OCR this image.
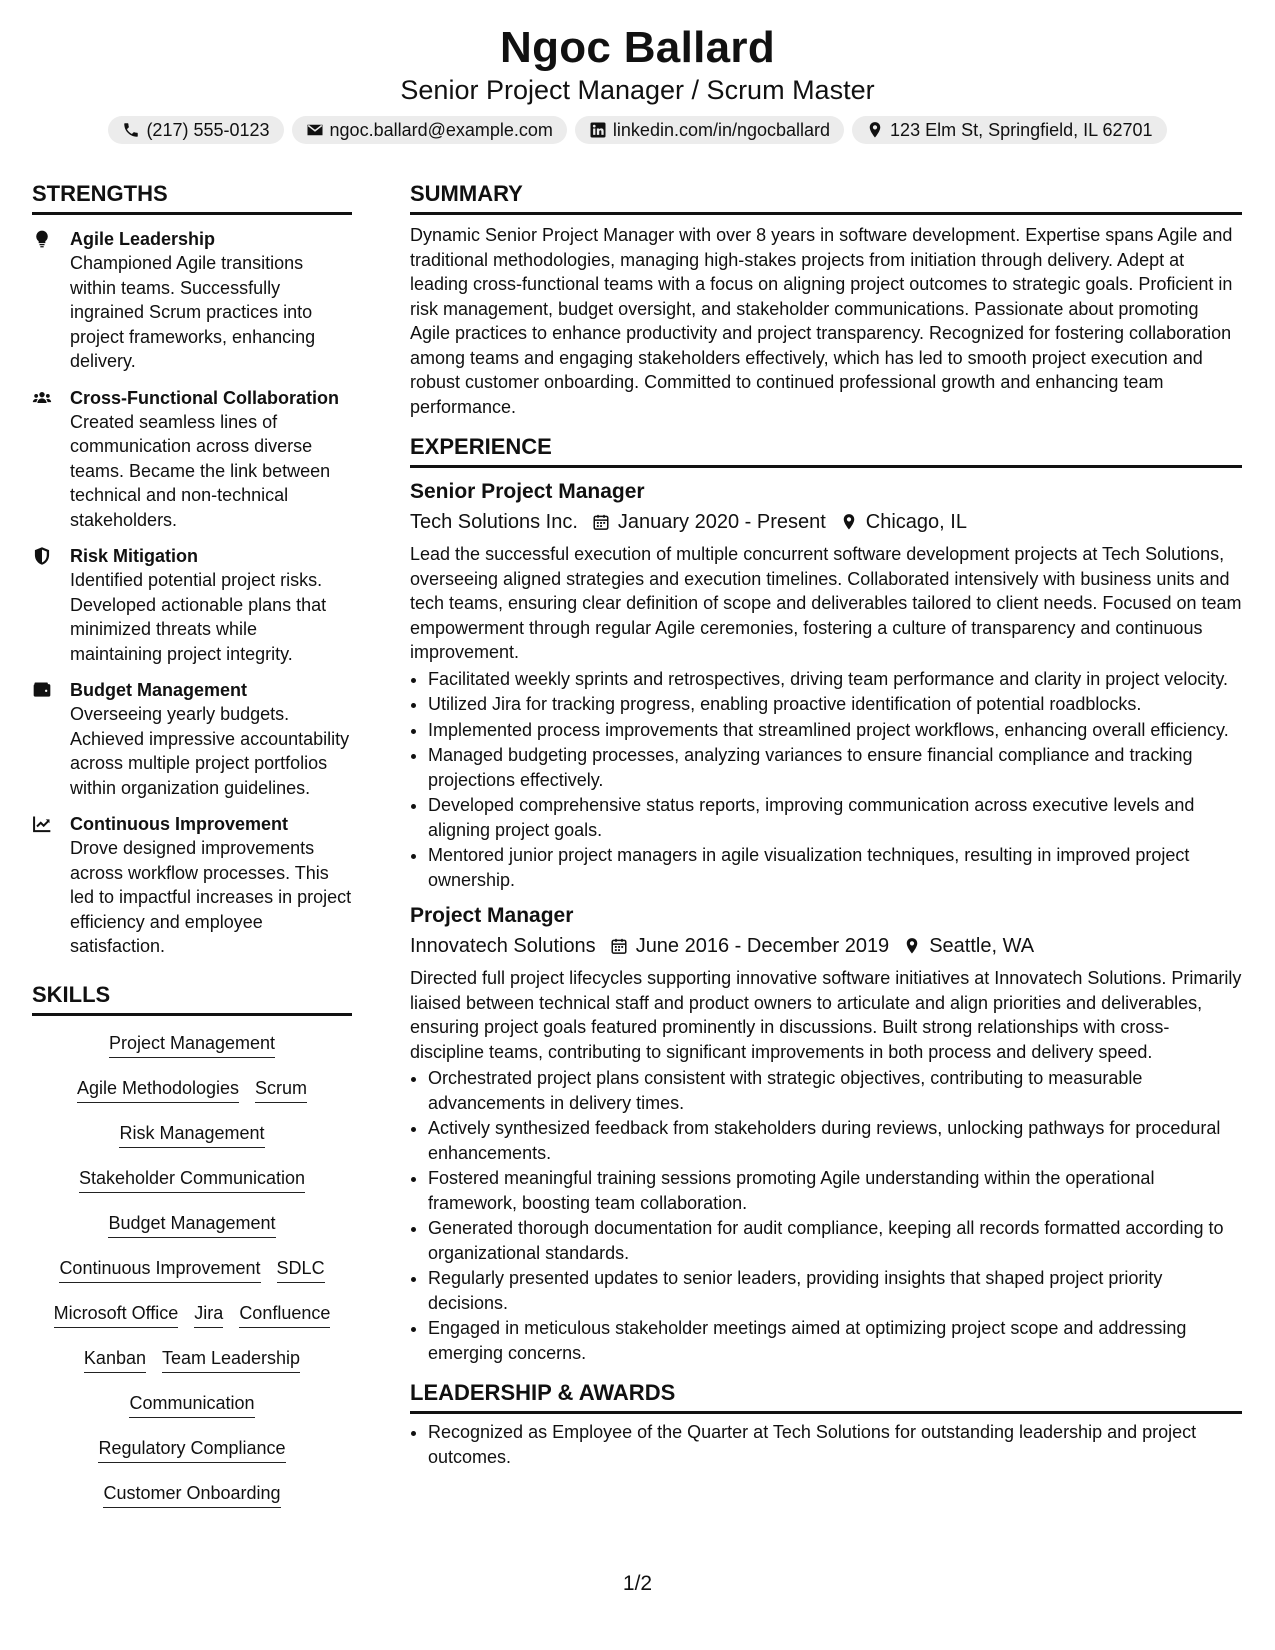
Ngoc Ballard
Senior Project Manager / Scrum Master
(217) 555-0123	ngoc.ballard@example.com	linkedin.com/in/ngocballard	123 Elm St, Springfield, IL 62701
STRENGTHS
Agile Leadership
Championed Agile transitions within teams. Successfully ingrained Scrum practices into project frameworks, enhancing delivery.
Cross-Functional Collaboration
Created seamless lines of communication across diverse teams. Became the link between technical and non-technical stakeholders.
Risk Mitigation
Identified potential project risks. Developed actionable plans that minimized threats while maintaining project integrity.
Budget Management
Overseeing yearly budgets. Achieved impressive accountability across multiple project portfolios within organization guidelines.
Continuous Improvement
Drove designed improvements across workflow processes. This led to impactful increases in project efficiency and employee satisfaction.
SKILLS
Project Management
Agile Methodologies Scrum
Risk Management
Stakeholder Communication
Budget Management
Continuous Improvement SDLC
Microsoft Office Jira Confluence
Kanban Team Leadership
Communication
Regulatory Compliance
Customer Onboarding
SUMMARY
Dynamic Senior Project Manager with over 8 years in software development. Expertise spans Agile and traditional methodologies, managing high-stakes projects from initiation through delivery. Adept at leading cross-functional teams with a focus on aligning project outcomes to strategic goals. Proficient in risk management, budget oversight, and stakeholder communications. Passionate about promoting Agile practices to enhance productivity and project transparency. Recognized for fostering collaboration among teams and engaging stakeholders effectively, which has led to smooth project execution and robust customer onboarding. Committed to continued professional growth and enhancing team performance.
EXPERIENCE
Senior Project Manager
Tech Solutions Inc. January 2020 - Present Chicago, IL
Lead the successful execution of multiple concurrent software development projects at Tech Solutions, overseeing aligned strategies and execution timelines. Collaborated intensively with business units and tech teams, ensuring clear definition of scope and deliverables tailored to client needs. Focused on team empowerment through regular Agile ceremonies, fostering a culture of transparency and continuous improvement.
• Facilitated weekly sprints and retrospectives, driving team performance and clarity in project velocity.
• Utilized Jira for tracking progress, enabling proactive identification of potential roadblocks.
• Implemented process improvements that streamlined project workflows, enhancing overall efficiency.
• Managed budgeting processes, analyzing variances to ensure financial compliance and tracking projections effectively.
• Developed comprehensive status reports, improving communication across executive levels and aligning project goals.
• Mentored junior project managers in agile visualization techniques, resulting in improved project ownership.
Project Manager
Innovatech Solutions June 2016 - December 2019 Seattle, WA
Directed full project lifecycles supporting innovative software initiatives at Innovatech Solutions. Primarily liaised between technical staff and product owners to articulate and align priorities and deliverables, ensuring project goals featured prominently in discussions. Built strong relationships with cross-discipline teams, contributing to significant improvements in both process and delivery speed.
• Orchestrated project plans consistent with strategic objectives, contributing to measurable advancements in delivery times.
• Actively synthesized feedback from stakeholders during reviews, unlocking pathways for procedural enhancements.
• Fostered meaningful training sessions promoting Agile understanding within the operational framework, boosting team collaboration.
• Generated thorough documentation for audit compliance, keeping all records formatted according to organizational standards.
• Regularly presented updates to senior leaders, providing insights that shaped project priority decisions.
• Engaged in meticulous stakeholder meetings aimed at optimizing project scope and addressing emerging concerns.
LEADERSHIP & AWARDS
• Recognized as Employee of the Quarter at Tech Solutions for outstanding leadership and project outcomes.
1/2
